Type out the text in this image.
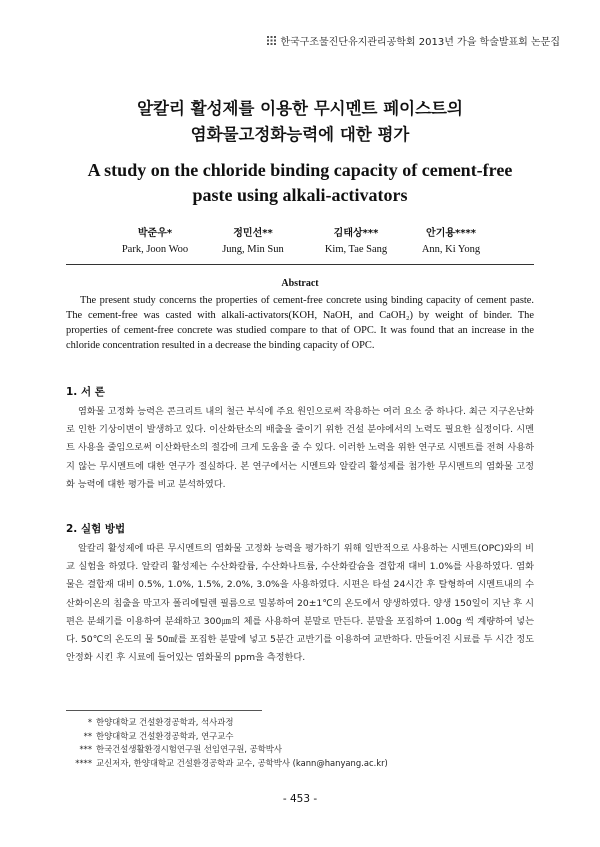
한국구조물진단유지관리공학회 2013년 가을 학술발표회 논문집
알칼리 활성제를 이용한 무시멘트 페이스트의
염화물고정화능력에 대한 평가
A study on the chloride binding capacity of cement-free
paste using alkali-activators
박준우*
Park, Joon Woo
정민선**
Jung, Min Sun
김태상***
Kim, Tae Sang
안기용****
Ann, Ki Yong
Abstract

The present study concerns the properties of cement-free concrete using binding capacity of cement paste. The cement-free was casted with alkali-activators(KOH, NaOH, and CaOH₂) by weight of binder. The properties of cement-free concrete was studied compare to that of OPC. It was found that an increase in the chloride concentration resulted in a decrease the binding capacity of OPC.

1. 서 론

염화물 고정화 능력은 콘크리트 내의 철근 부식에 주요 원인으로써 작용하는 여러 요소 중 하나다. 최근 지구온난화로 인한 기상이변이 발생하고 있다. 이산화탄소의 배출을 줄이기 위한 건설 분야에서의 노력도 필요한 실정이다. 시멘트 사용을 줄임으로써 이산화탄소의 절감에 크게 도움을 줄 수 있다. 이러한 노력을 위한 연구로 시멘트를 전혀 사용하지 않는 무시멘트에 대한 연구가 절실하다. 본 연구에서는 시멘트와 알칼리 활성제를 첨가한 무시멘트의 염화물 고정화 능력에 대한 평가를 비교 분석하였다.

2. 실험 방법

알칼리 활성제에 따른 무시멘트의 염화물 고정화 능력을 평가하기 위해 일반적으로 사용하는 시멘트(OPC)와의 비교 실험을 하였다. 알칼리 활성제는 수산화칼륨, 수산화나트륨, 수산화칼슘을 결합재 대비 1.0%를 사용하였다. 염화물은 결합재 대비 0.5%, 1.0%, 1.5%, 2.0%, 3.0%을 사용하였다. 시편은 타설 24시간 후 탈형하여 시멘트내의 수산화이온의 침출을 막고자 폴리에틸렌 필름으로 밀봉하여 20±1℃의 온도에서 양생하였다. 양생 150일이 지난 후 시편은 분쇄기를 이용하여 분쇄하고 300㎛의 체를 사용하여 분말로 만든다. 분말을 포집하여 1.00g 씩 계량하여 넣는다. 50℃의 온도의 물 50㎖를 포집한 분말에 넣고 5분간 교반기를 이용하여 교반하다. 만들어진 시료를 두 시간 정도 안정화 시킨 후 시료에 들어있는 염화물의 ppm을 측정한다.

* 한양대학교 건설환경공학과, 석사과정
** 한양대학교 건설환경공학과, 연구교수
*** 한국건설생활환경시험연구원 선임연구원, 공학박사
**** 교신저자, 한양대학교 건설환경공학과 교수, 공학박사 (kann@hanyang.ac.kr)
- 453 -
